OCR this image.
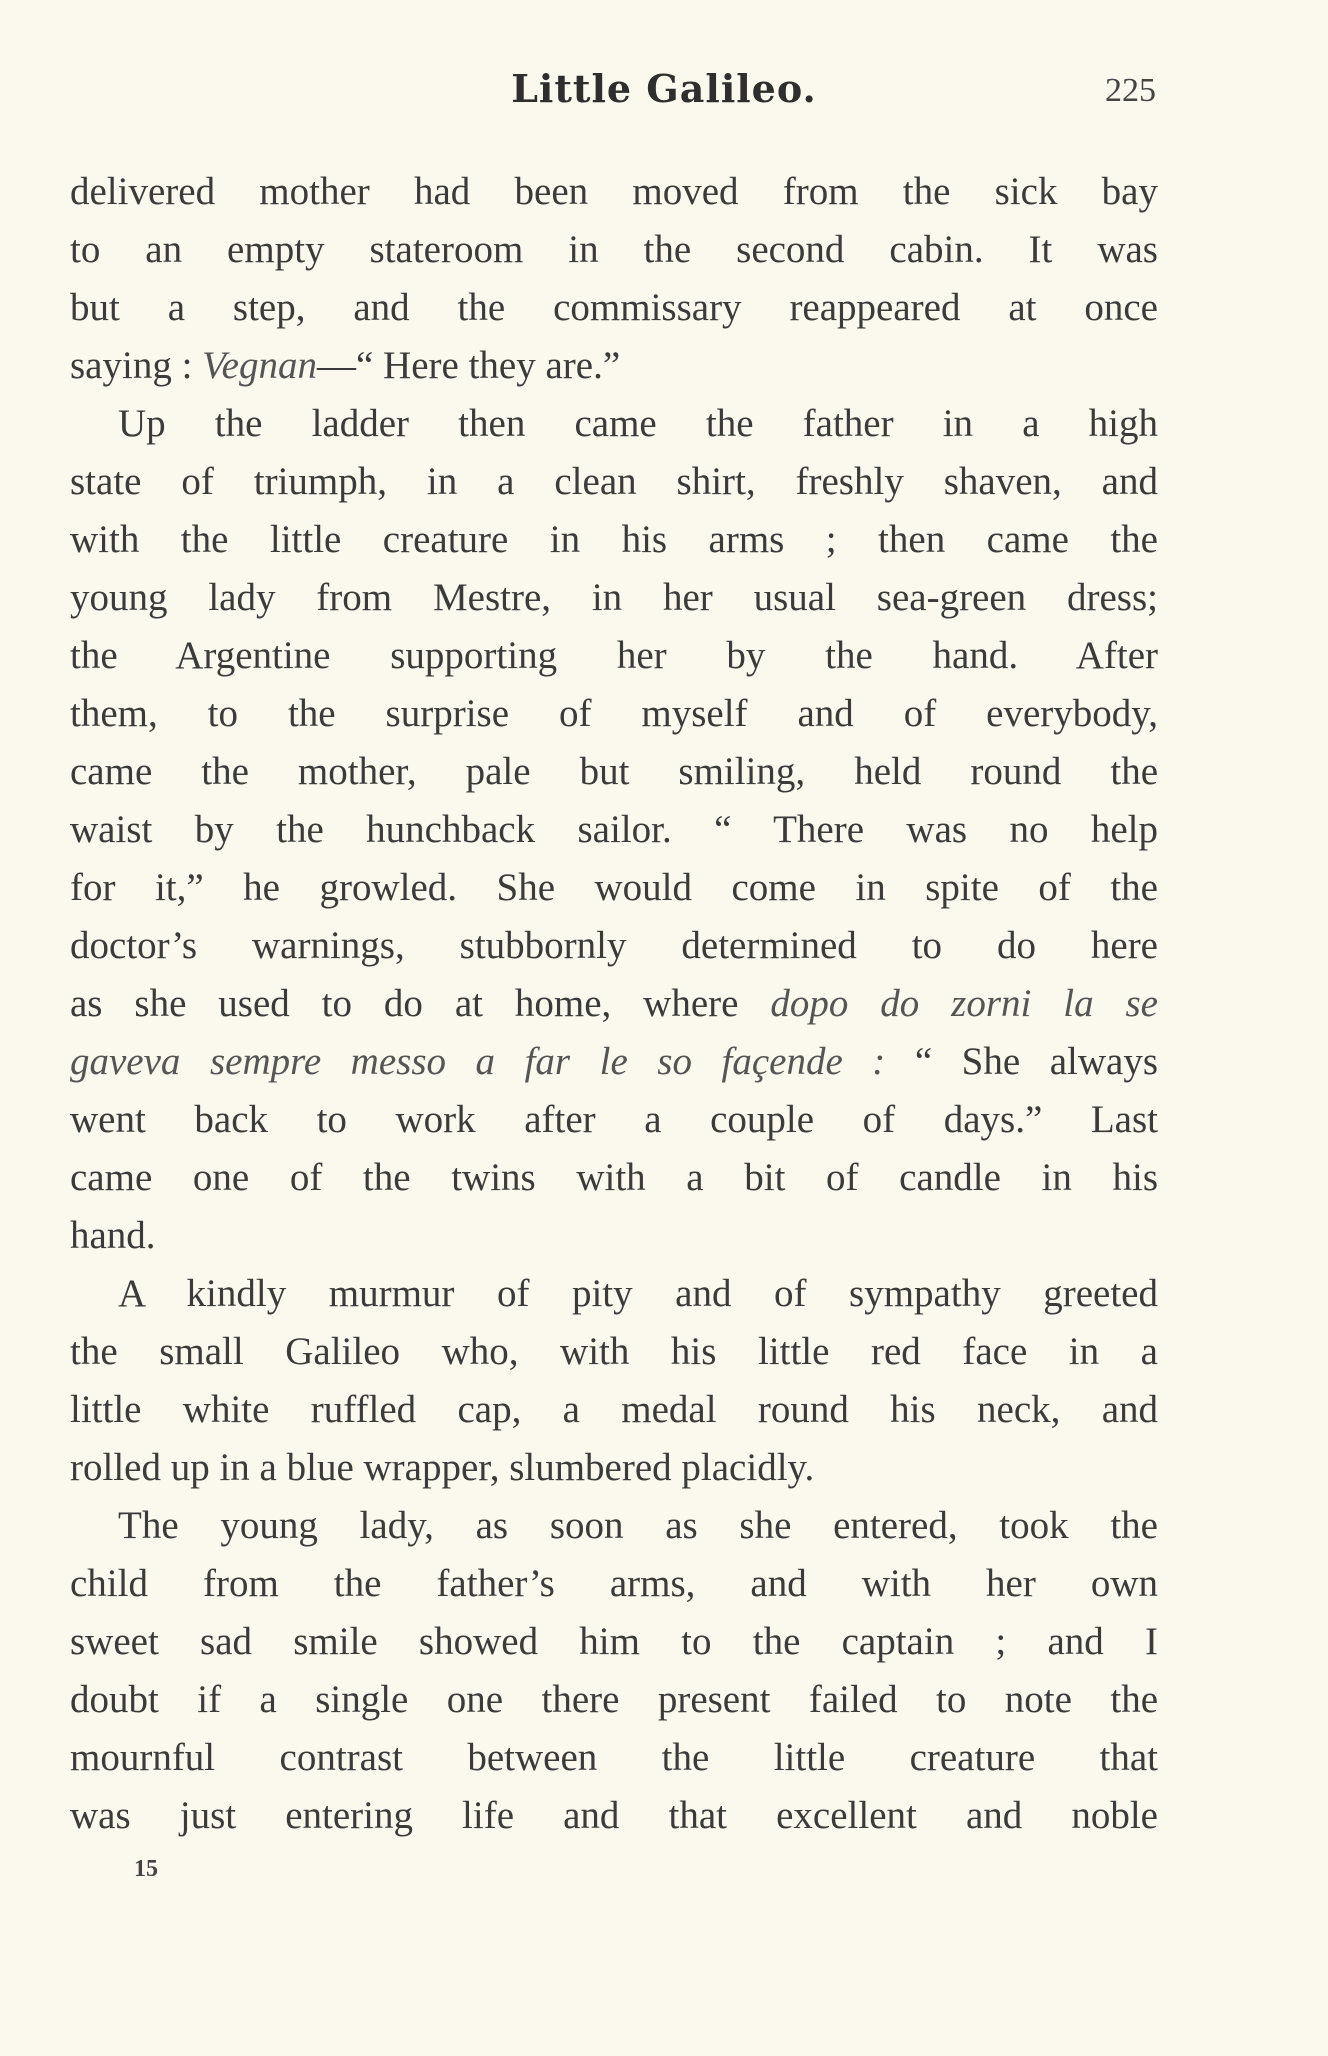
Little Galileo.	225
delivered mother had been moved from the sick bay
to an empty stateroom in the second cabin. It was
but a step, and the commissary reappeared at once
saying : Vegnan—“ Here they are.”
Up the ladder then came the father in a high
state of triumph, in a clean shirt, freshly shaven, and
with the little creature in his arms ; then came the
young lady from Mestre, in her usual sea-green dress;
the Argentine supporting her by the hand. After
them, to the surprise of myself and of everybody,
came the mother, pale but smiling, held round the
waist by the hunchback sailor. “ There was no help
for it,” he growled. She would come in spite of the
doctor’s warnings, stubbornly determined to do here
as she used to do at home, where dopo do zorni la se
gaveva sempre messo a far le so façende : “ She always
went back to work after a couple of days.” Last
came one of the twins with a bit of candle in his
hand.
A kindly murmur of pity and of sympathy greeted
the small Galileo who, with his little red face in a
little white ruffled cap, a medal round his neck, and
rolled up in a blue wrapper, slumbered placidly.
The young lady, as soon as she entered, took the
child from the father’s arms, and with her own
sweet sad smile showed him to the captain ; and I
doubt if a single one there present failed to note the
mournful contrast between the little creature that
was just entering life and that excellent and noble
15
